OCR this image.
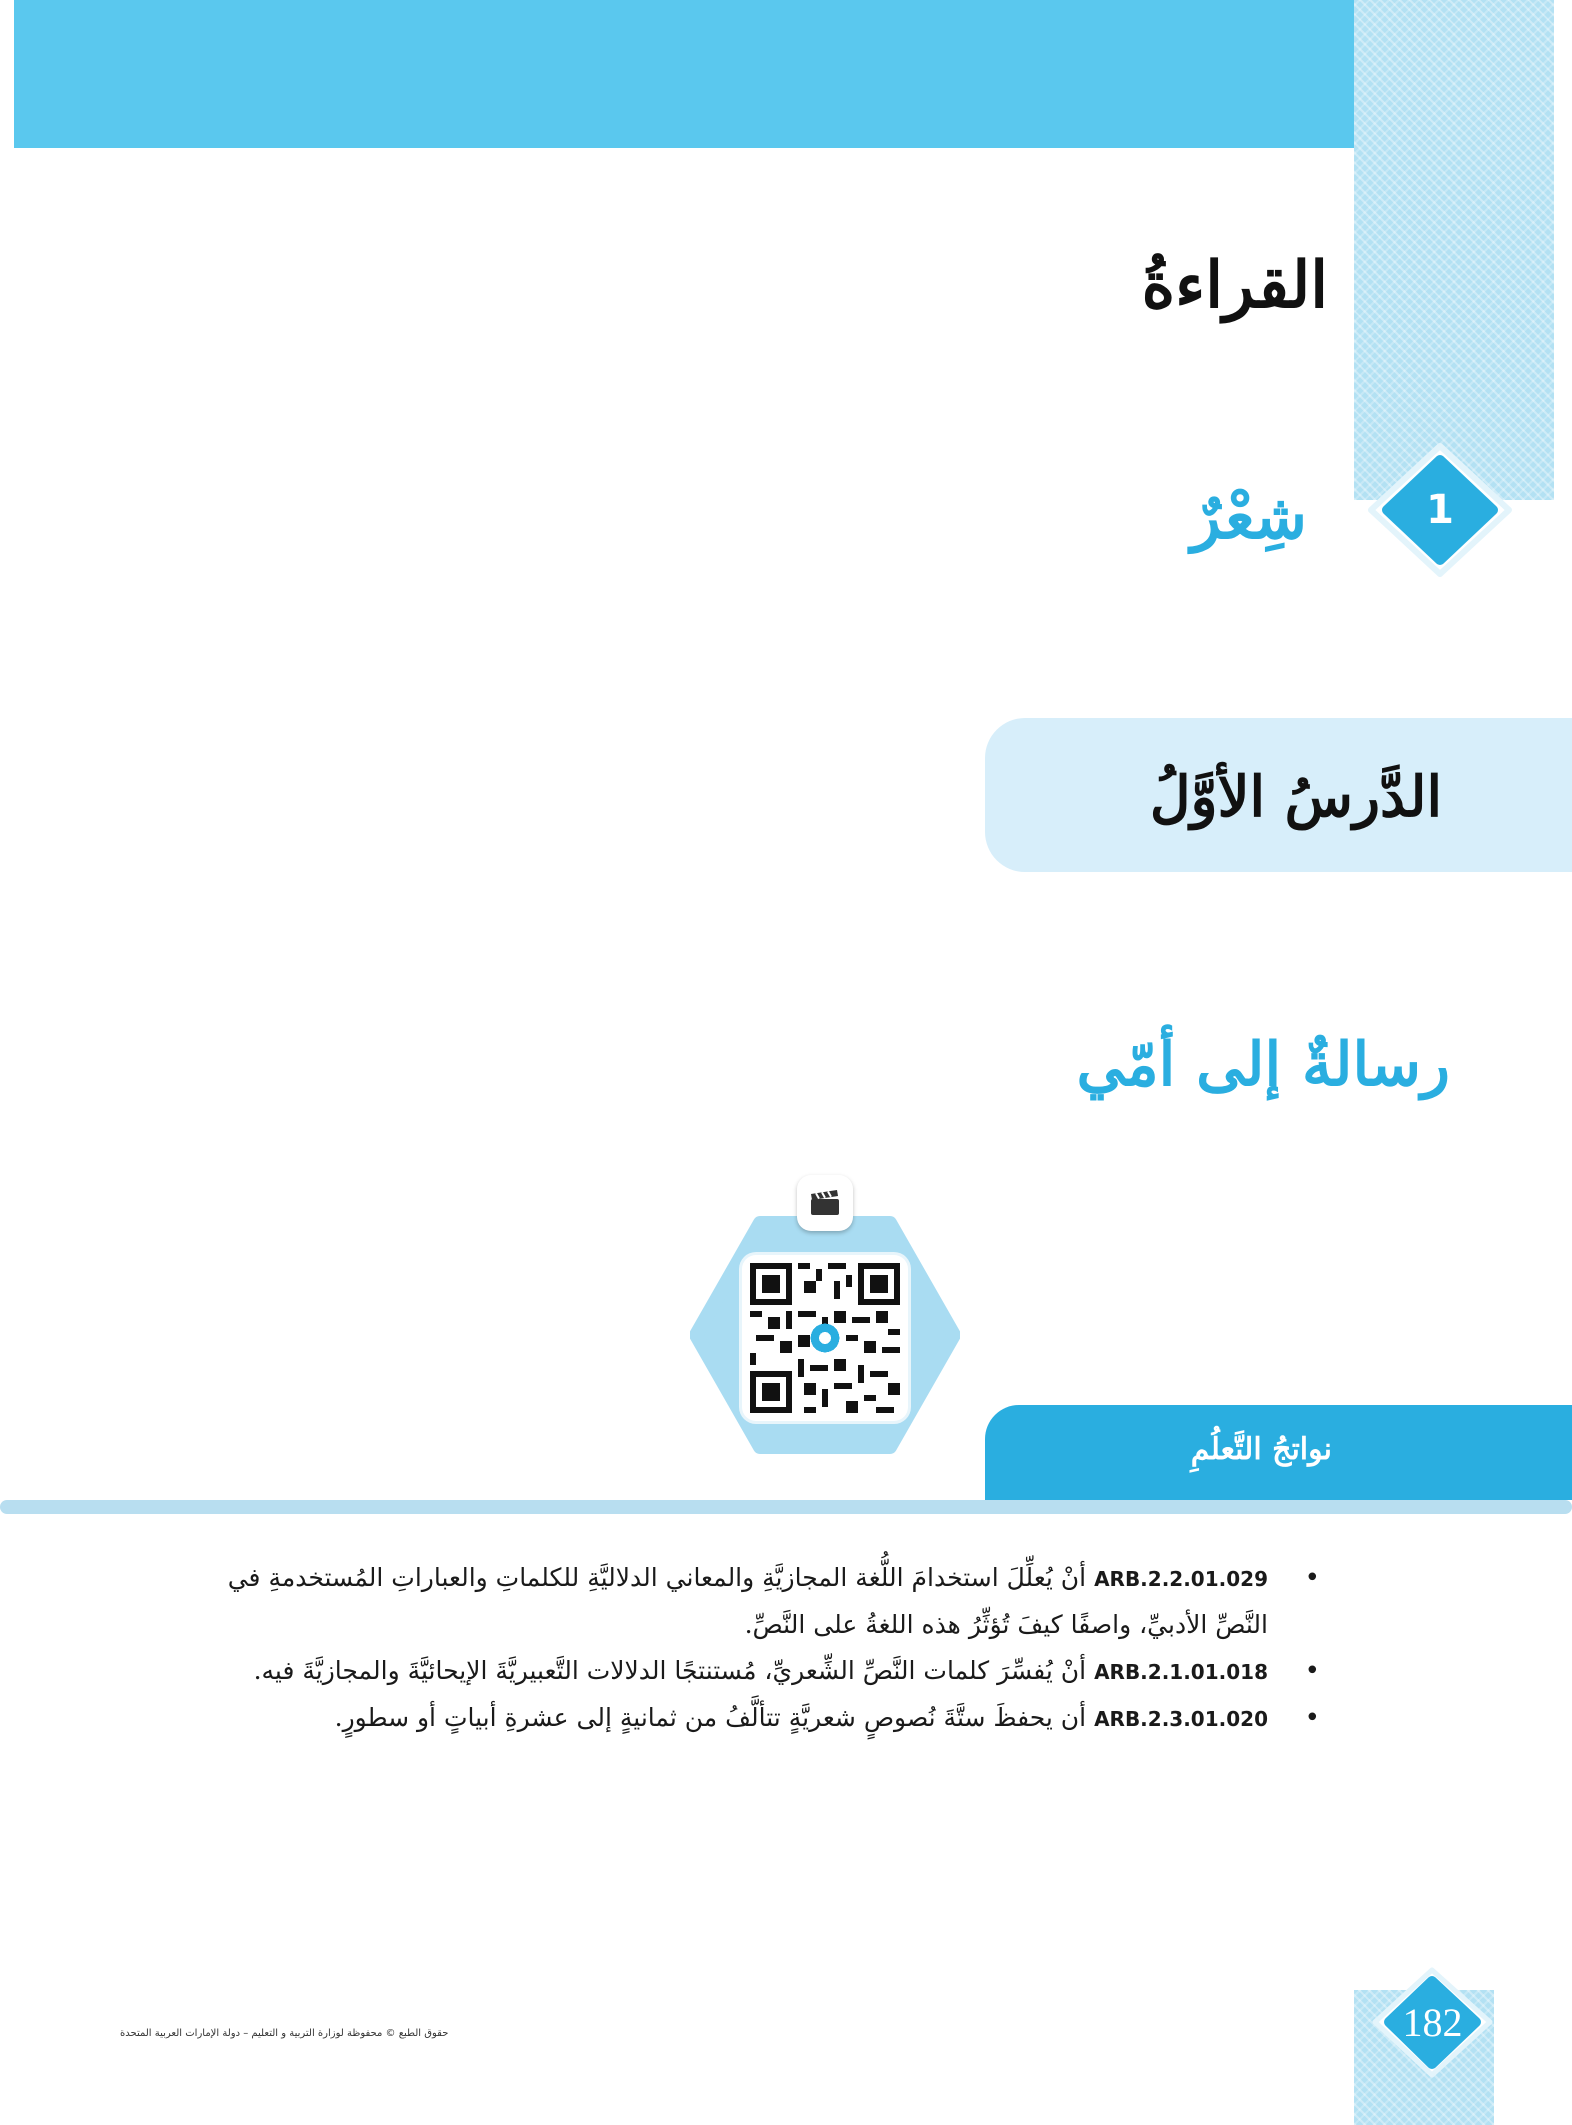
القراءةُ
1
شِعْرٌ
الدَّرسُ الأوَّلُ
رسالةٌ إلى أمّي
نواتجُ التَّعلُمِ
•
ARB.2.2.01.029 أنْ يُعلِّلَ استخدامَ اللُّغة المجازيَّةِ والمعاني الدلاليَّةِ للكلماتِ والعباراتِ المُستخدمةِ في النَّصِّ الأدبيِّ، واصفًا كيفَ تُؤثِّرُ هذه اللغةُ على النَّصِّ.
•
ARB.2.1.01.018 أنْ يُفسِّرَ كلمات النَّصِّ الشِّعريِّ، مُستنتجًا الدلالات التَّعبيريَّةَ الإيحائيَّةَ والمجازيَّةَ فيه.
•
ARB.2.3.01.020 أن يحفظَ ستَّةَ نُصوصٍ شعريَّةٍ تتألَّفُ من ثمانيةٍ إلى عشرةِ أبياتٍ أو سطورٍ.
182
حقوق الطبع © محفوظة لوزارة التربية و التعليم – دولة الإمارات العربية المتحدة
